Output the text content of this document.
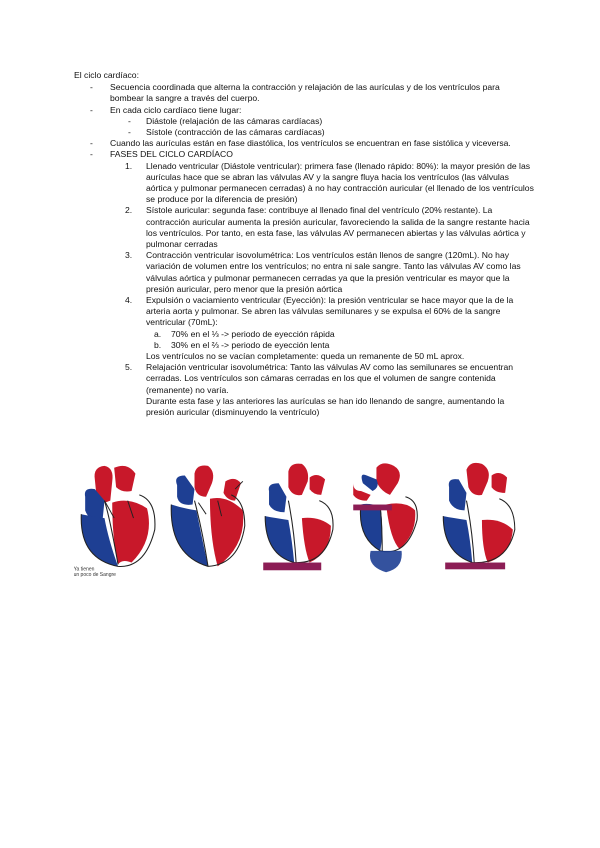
El ciclo cardíaco:
- Secuencia coordinada que alterna la contracción y relajación de las aurículas y de los ventrículos para bombear la sangre a través del cuerpo.
- En cada ciclo cardíaco tiene lugar:
- Diástole (relajación de las cámaras cardíacas)
- Sístole (contracción de las cámaras cardíacas)
- Cuando las aurículas están en fase diastólica, los ventrículos se encuentran en fase sistólica y viceversa.
- FASES DEL CICLO CARDÍACO
1. Llenado ventricular (Diástole ventricular): primera fase (llenado rápido: 80%): la mayor presión de las aurículas hace que se abran las válvulas AV y la sangre fluya hacia los ventrículos (las válvulas aórtica y pulmonar permanecen cerradas) à no hay contracción auricular (el llenado de los ventrículos se produce por la diferencia de presión)
2. Sístole auricular: segunda fase: contribuye al llenado final del ventrículo (20% restante). La contracción auricular aumenta la presión auricular, favoreciendo la salida de la sangre restante hacia los ventrículos. Por tanto, en esta fase, las válvulas AV permanecen abiertas y las válvulas aórtica y pulmonar cerradas
3. Contracción ventricular isovolumétrica: Los ventrículos están llenos de sangre (120mL). No hay variación de volumen entre los ventrículos; no entra ni sale sangre. Tanto las válvulas AV como las válvulas aórtica y pulmonar permanecen cerradas ya que la presión ventricular es mayor que la presión auricular, pero menor que la presión aórtica
4. Expulsión o vaciamiento ventricular (Eyección): la presión ventricular se hace mayor que la de la arteria aorta y pulmonar. Se abren las válvulas semilunares y se expulsa el 60% de la sangre ventricular (70mL):
a. 70% en el ⅓ -> periodo de eyección rápida
b. 30% en el ⅔ -> periodo de eyección lenta
Los ventrículos no se vacían completamente: queda un remanente de 50 mL aprox.
5. Relajación ventricular isovolumétrica: Tanto las válvulas AV como las semilunares se encuentran cerradas. Los ventrículos son cámaras cerradas en los que el volumen de sangre contenida (remanente) no varía.
Durante esta fase y las anteriores las aurículas se han ido llenando de sangre, aumentando la presión auricular (disminuyendo la ventrículo)
Ya tienen
un poco de Sangre
